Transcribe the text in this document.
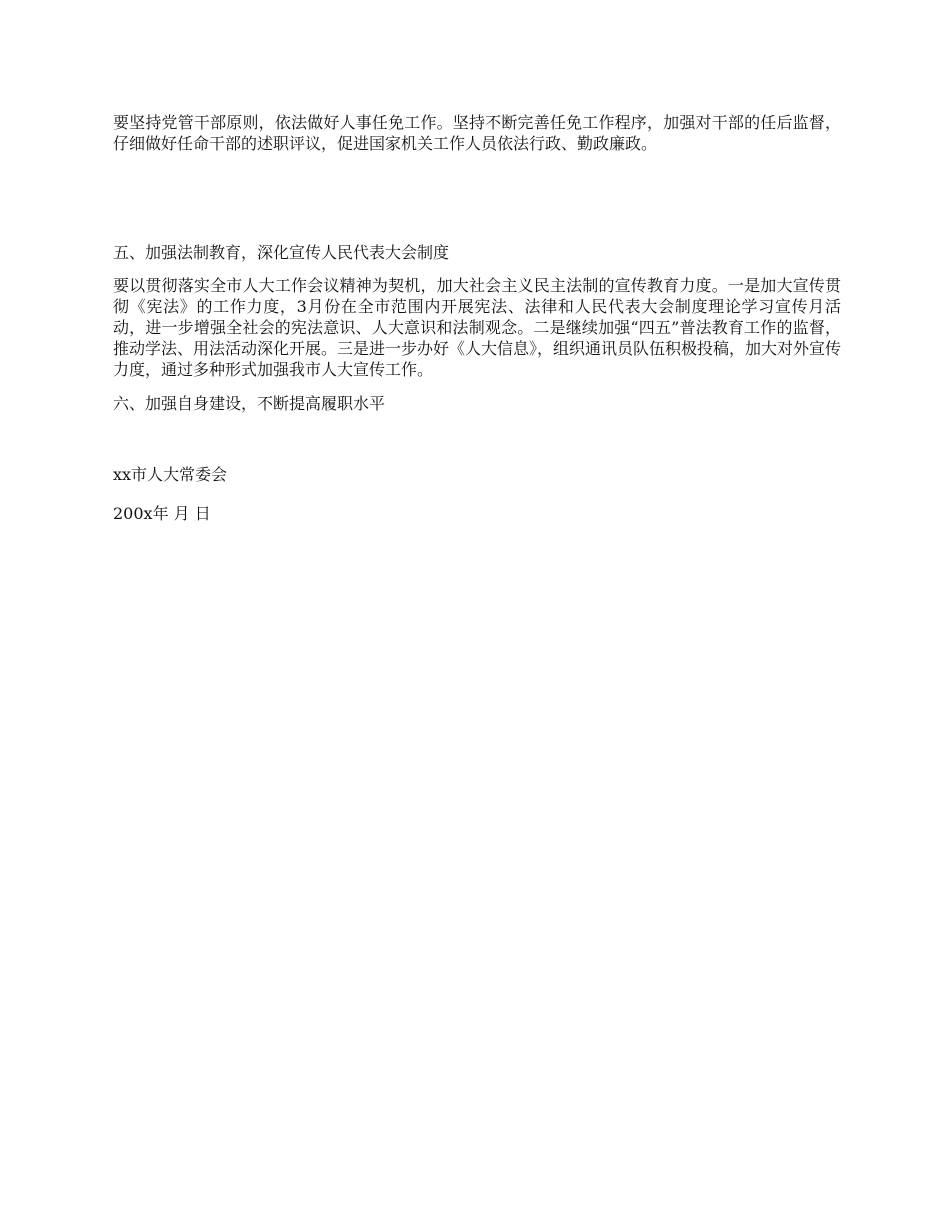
要坚持党管干部原则，依法做好人事任免工作。坚持不断完善任免工作程序，加强对干部的任后监督，仔细做好任命干部的述职评议，促进国家机关工作人员依法行政、勤政廉政。

五、加强法制教育，深化宣传人民代表大会制度

要以贯彻落实全市人大工作会议精神为契机，加大社会主义民主法制的宣传教育力度。一是加大宣传贯彻《宪法》的工作力度，3月份在全市范围内开展宪法、法律和人民代表大会制度理论学习宣传月活动，进一步增强全社会的宪法意识、人大意识和法制观念。二是继续加强“四五”普法教育工作的监督，推动学法、用法活动深化开展。三是进一步办好《人大信息》，组织通讯员队伍积极投稿，加大对外宣传力度，通过多种形式加强我市人大宣传工作。

六、加强自身建设，不断提高履职水平

xx市人大常委会

200x年 月 日
